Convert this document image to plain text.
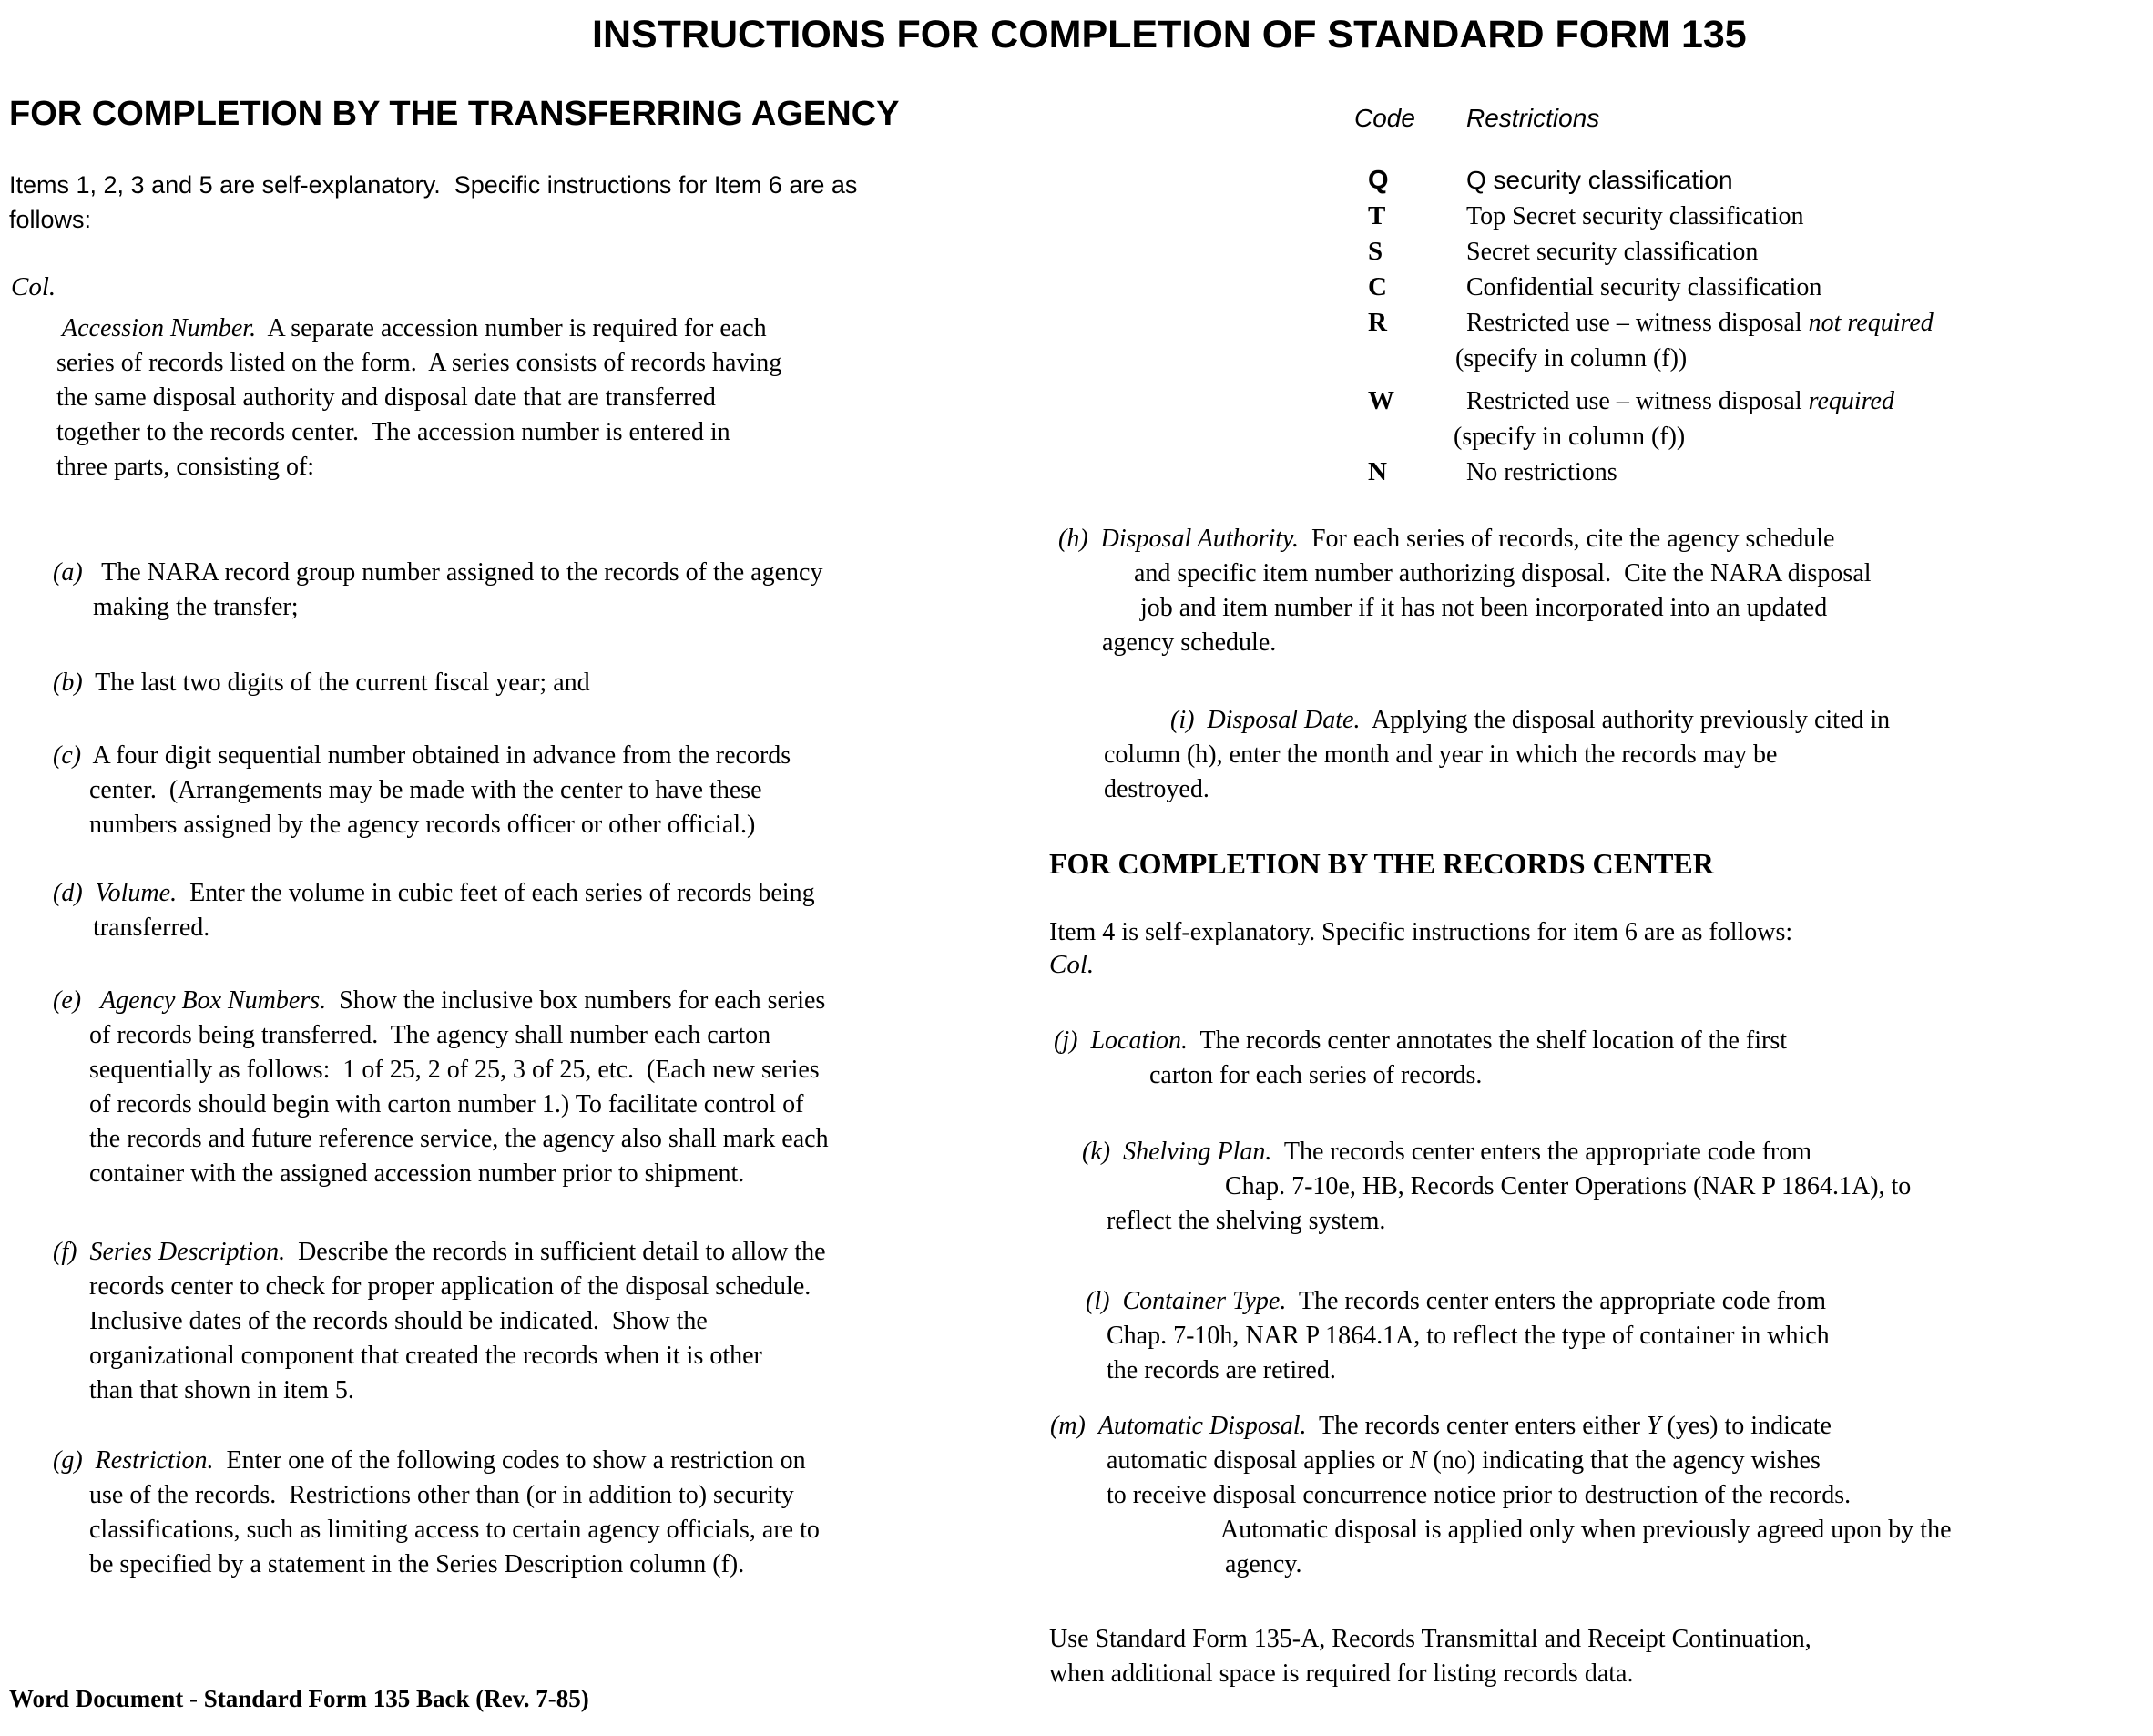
INSTRUCTIONS FOR COMPLETION OF STANDARD FORM 135
FOR COMPLETION BY THE TRANSFERRING AGENCY
Items 1, 2, 3 and 5 are self-explanatory.  Specific instructions for Item 6 are as
follows:
Col.
Accession Number.  A separate accession number is required for each
series of records listed on the form.  A series consists of records having
the same disposal authority and disposal date that are transferred
together to the records center.  The accession number is entered in
three parts, consisting of:
(a)   The NARA record group number assigned to the records of the agency
making the transfer;
(b)  The last two digits of the current fiscal year; and
(c)  A four digit sequential number obtained in advance from the records
center.  (Arrangements may be made with the center to have these
numbers assigned by the agency records officer or other official.)
(d) Volume.  Enter the volume in cubic feet of each series of records being
transferred.
(e) Agency Box Numbers.  Show the inclusive box numbers for each series
of records being transferred.  The agency shall number each carton
sequentially as follows:  1 of 25, 2 of 25, 3 of 25, etc.  (Each new series
of records should begin with carton number 1.) To facilitate control of
the records and future reference service, the agency also shall mark each
container with the assigned accession number prior to shipment.
(f) Series Description.  Describe the records in sufficient detail to allow the
records center to check for proper application of the disposal schedule.
Inclusive dates of the records should be indicated.  Show the
organizational component that created the records when it is other
than that shown in item 5.
(g) Restriction.  Enter one of the following codes to show a restriction on
use of the records.  Restrictions other than (or in addition to) security
classifications, such as limiting access to certain agency officials, are to
be specified by a statement in the Series Description column (f).
Code Restrictions
Q	Q security classification
T	Top Secret security classification
S	Secret security classification
C	Confidential security classification
R	Restricted use – witness disposal not required
(specify in column (f))
W	Restricted use – witness disposal required
(specify in column (f))
N	No restrictions
(h) Disposal Authority.  For each series of records, cite the agency schedule
and specific item number authorizing disposal.  Cite the NARA disposal
job and item number if it has not been incorporated into an updated
agency schedule.
(i) Disposal Date.  Applying the disposal authority previously cited in
column (h), enter the month and year in which the records may be
destroyed.
FOR COMPLETION BY THE RECORDS CENTER
Item 4 is self-explanatory. Specific instructions for item 6 are as follows:
Col.
(j) Location.  The records center annotates the shelf location of the first
carton for each series of records.
(k) Shelving Plan.  The records center enters the appropriate code from
Chap. 7-10e, HB, Records Center Operations (NAR P 1864.1A), to
reflect the shelving system.
(l) Container Type.  The records center enters the appropriate code from
Chap. 7-10h, NAR P 1864.1A, to reflect the type of container in which
the records are retired.
(m) Automatic Disposal.  The records center enters either Y (yes) to indicate
automatic disposal applies or N (no) indicating that the agency wishes
to receive disposal concurrence notice prior to destruction of the records.
Automatic disposal is applied only when previously agreed upon by the
agency.
Use Standard Form 135-A, Records Transmittal and Receipt Continuation,
when additional space is required for listing records data.
Word Document - Standard Form 135 Back (Rev. 7-85)
